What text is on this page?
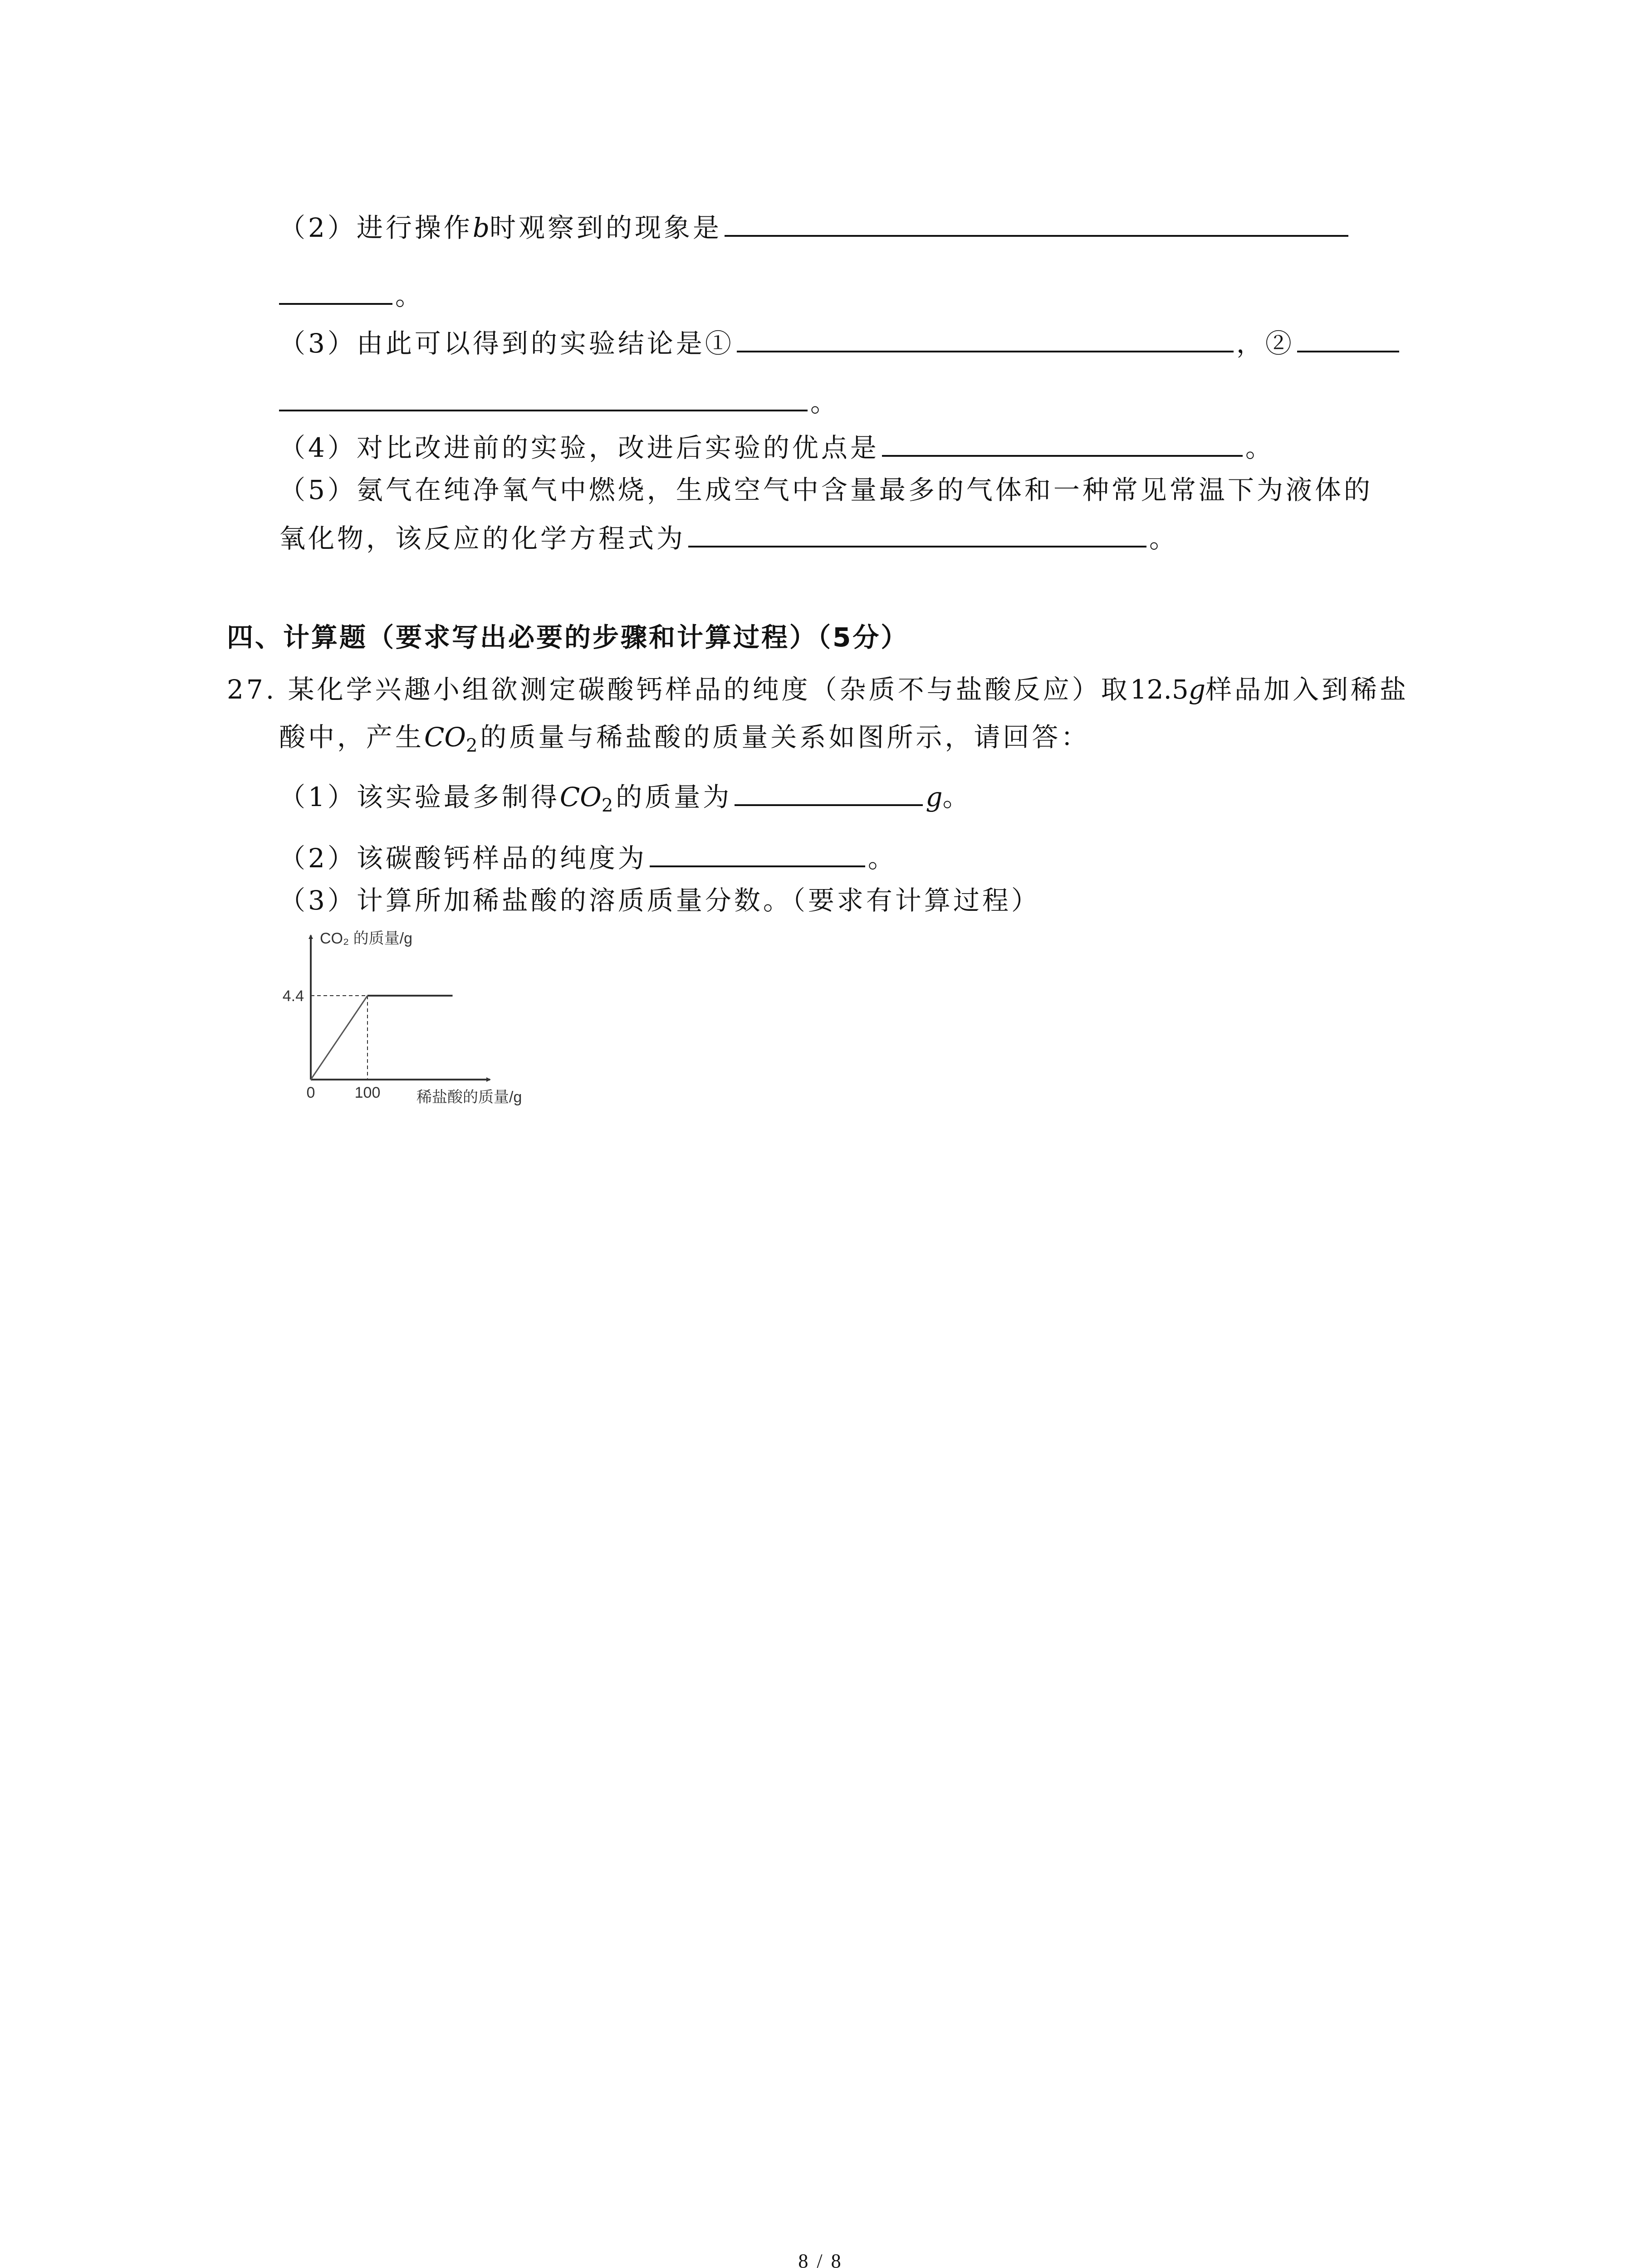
（2）进行操作b时观察到的现象是
。
（3）由此可以得到的实验结论是①	，②
。
（4）对比改进前的实验，改进后实验的优点是	。
（5）氨气在纯净氧气中燃烧，生成空气中含量最多的气体和一种常见常温下为液体的
氧化物，该反应的化学方程式为	。
四、计算题（要求写出必要的步骤和计算过程）（5分）
27. 某化学兴趣小组欲测定碳酸钙样品的纯度（杂质不与盐酸反应）取12.5g样品加入到稀盐
酸中，产生$CO_2$的质量与稀盐酸的质量关系如图所示，请回答：
（1）该实验最多制得$CO_2$的质量为	g。
（2）该碳酸钙样品的纯度为	。
（3）计算所加稀盐酸的溶质质量分数。（要求有计算过程）
CO₂ 的质量/g
稀盐酸的质量/g
0	100
4.4
8 / 8
